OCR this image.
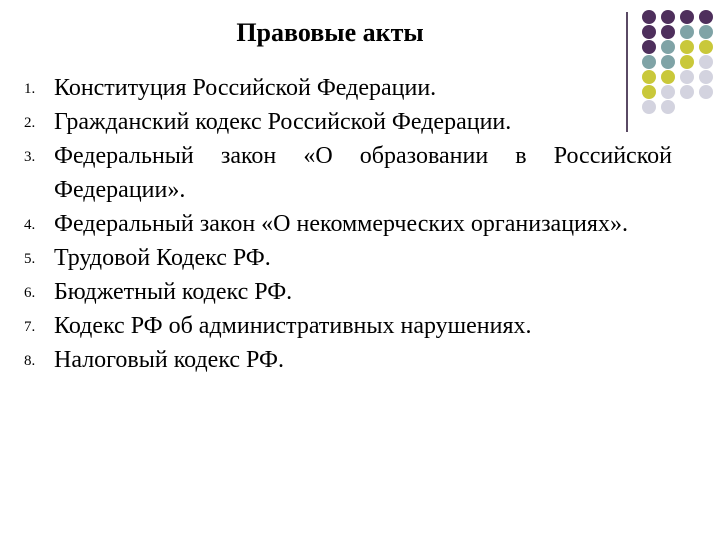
Правовые акты
1. Конституция Российской Федерации.
2. Гражданский кодекс Российской Федерации.
3. Федеральный закон «О образовании в Российской Федерации».
4. Федеральный закон «О некоммерческих организациях».
5. Трудовой Кодекс РФ.
6. Бюджетный кодекс РФ.
7. Кодекс РФ об административных нарушениях.
8. Налоговый кодекс РФ.
